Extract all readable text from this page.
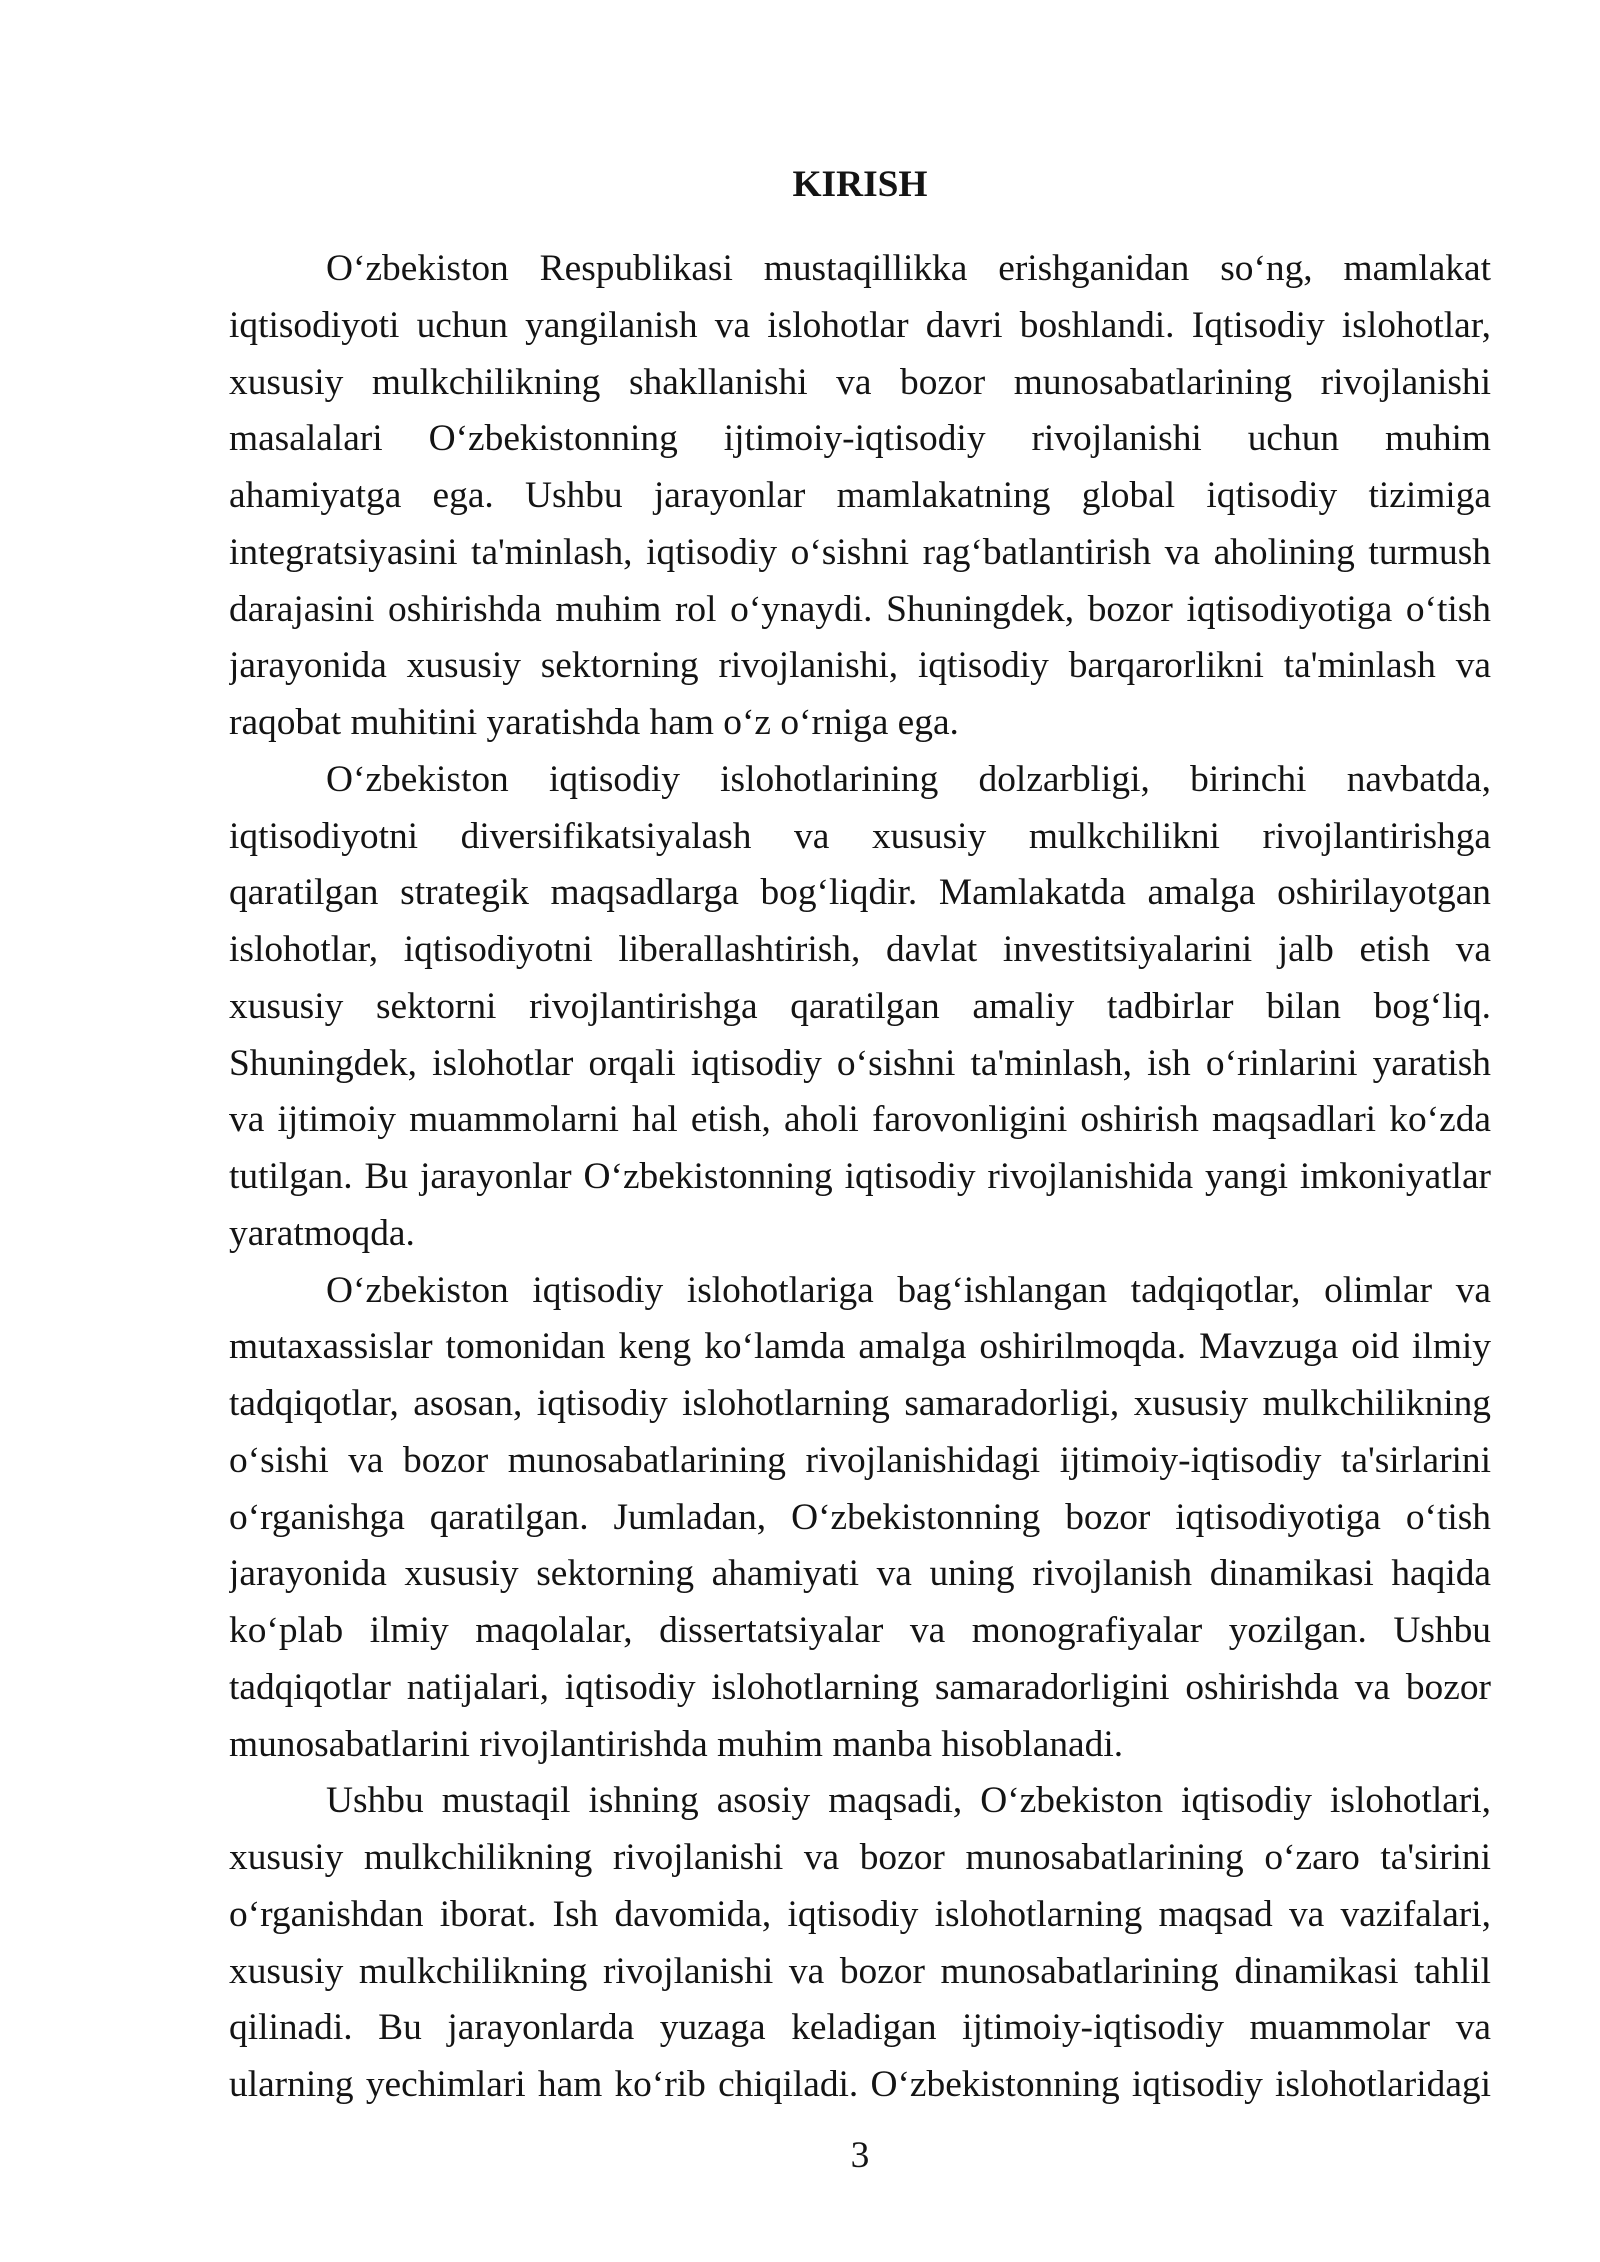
KIRISH
O‘zbekiston Respublikasi mustaqillikka erishganidan so‘ng, mamlakat
iqtisodiyoti uchun yangilanish va islohotlar davri boshlandi. Iqtisodiy islohotlar,
xususiy mulkchilikning shakllanishi va bozor munosabatlarining rivojlanishi
masalalari O‘zbekistonning ijtimoiy-iqtisodiy rivojlanishi uchun muhim
ahamiyatga ega. Ushbu jarayonlar mamlakatning global iqtisodiy tizimiga
integratsiyasini ta'minlash, iqtisodiy o‘sishni rag‘batlantirish va aholining turmush
darajasini oshirishda muhim rol o‘ynaydi. Shuningdek, bozor iqtisodiyotiga o‘tish
jarayonida xususiy sektorning rivojlanishi, iqtisodiy barqarorlikni ta'minlash va
raqobat muhitini yaratishda ham o‘z o‘rniga ega.
O‘zbekiston iqtisodiy islohotlarining dolzarbligi, birinchi navbatda,
iqtisodiyotni diversifikatsiyalash va xususiy mulkchilikni rivojlantirishga
qaratilgan strategik maqsadlarga bog‘liqdir. Mamlakatda amalga oshirilayotgan
islohotlar, iqtisodiyotni liberallashtirish, davlat investitsiyalarini jalb etish va
xususiy sektorni rivojlantirishga qaratilgan amaliy tadbirlar bilan bog‘liq.
Shuningdek, islohotlar orqali iqtisodiy o‘sishni ta'minlash, ish o‘rinlarini yaratish
va ijtimoiy muammolarni hal etish, aholi farovonligini oshirish maqsadlari ko‘zda
tutilgan. Bu jarayonlar O‘zbekistonning iqtisodiy rivojlanishida yangi imkoniyatlar
yaratmoqda.
O‘zbekiston iqtisodiy islohotlariga bag‘ishlangan tadqiqotlar, olimlar va
mutaxassislar tomonidan keng ko‘lamda amalga oshirilmoqda. Mavzuga oid ilmiy
tadqiqotlar, asosan, iqtisodiy islohotlarning samaradorligi, xususiy mulkchilikning
o‘sishi va bozor munosabatlarining rivojlanishidagi ijtimoiy-iqtisodiy ta'sirlarini
o‘rganishga qaratilgan. Jumladan, O‘zbekistonning bozor iqtisodiyotiga o‘tish
jarayonida xususiy sektorning ahamiyati va uning rivojlanish dinamikasi haqida
ko‘plab ilmiy maqolalar, dissertatsiyalar va monografiyalar yozilgan. Ushbu
tadqiqotlar natijalari, iqtisodiy islohotlarning samaradorligini oshirishda va bozor
munosabatlarini rivojlantirishda muhim manba hisoblanadi.
Ushbu mustaqil ishning asosiy maqsadi, O‘zbekiston iqtisodiy islohotlari,
xususiy mulkchilikning rivojlanishi va bozor munosabatlarining o‘zaro ta'sirini
o‘rganishdan iborat. Ish davomida, iqtisodiy islohotlarning maqsad va vazifalari,
xususiy mulkchilikning rivojlanishi va bozor munosabatlarining dinamikasi tahlil
qilinadi. Bu jarayonlarda yuzaga keladigan ijtimoiy-iqtisodiy muammolar va
ularning yechimlari ham ko‘rib chiqiladi. O‘zbekistonning iqtisodiy islohotlaridagi
3
